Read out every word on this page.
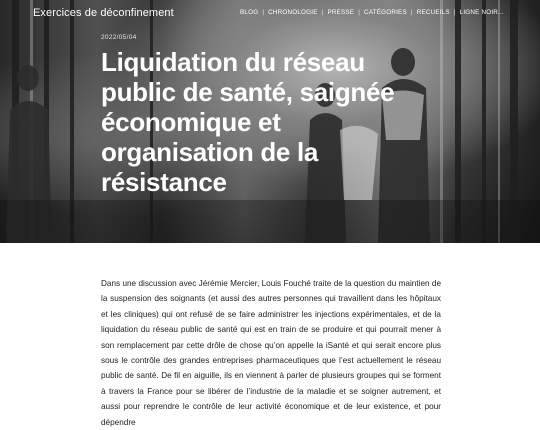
Exercices de déconfinement	BLOG | CHRONOLOGIE | PRESSE | CATÉGORIES | RECUEILS | LIGNE NOIR...
2022/05/04
Liquidation du réseau public de santé, saignée économique et organisation de la résistance

Dans une discussion avec Jérémie Mercier, Louis Fouché traite de la question du maintien de la suspension des soignants (et aussi des autres personnes qui travaillent dans les hôpitaux et les cliniques) qui ont refusé de se faire administrer les injections expérimentales, et de la liquidation du réseau public de santé qui est en train de se produire et qui pourrait mener à son remplacement par cette drôle de chose qu’on appelle la iSanté et qui serait encore plus sous le contrôle des grandes entreprises pharmaceutiques que l’est actuellement le réseau public de santé. De fil en aiguille, ils en viennent à parler de plusieurs groupes qui se forment à travers la France pour se libérer de l’industrie de la maladie et se soigner autrement, et aussi pour reprendre le contrôle de leur activité économique et de leur existence, et pour dépendre
